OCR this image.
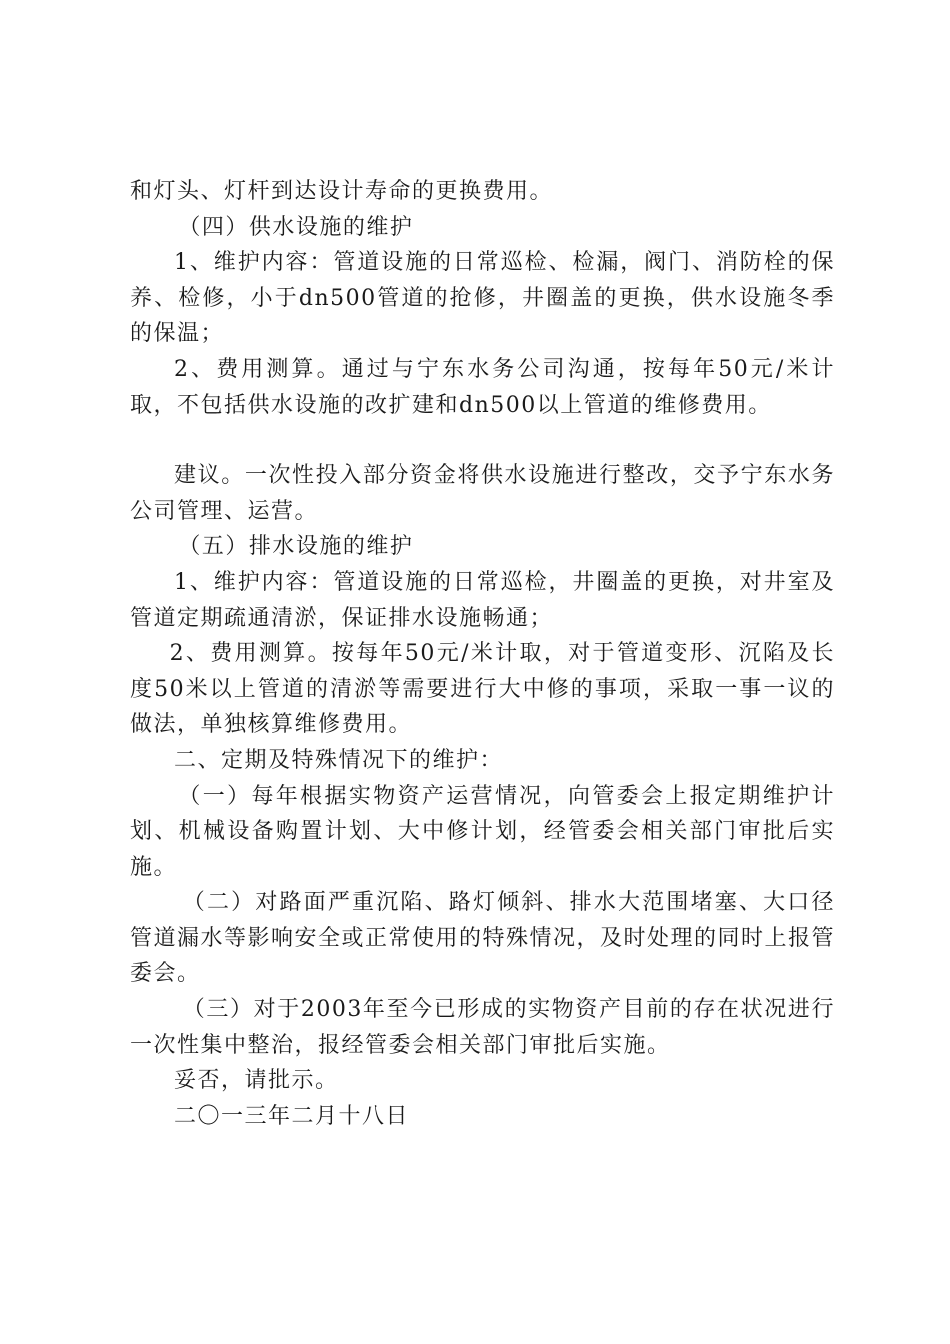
和灯头、灯杆到达设计寿命的更换费用。

（四）供水设施的维护

1、维护内容：管道设施的日常巡检、检漏，阀门、消防栓的保养、检修，小于dn500管道的抢修，井圈盖的更换，供水设施冬季的保温；

2、费用测算。通过与宁东水务公司沟通，按每年50元/米计取，不包括供水设施的改扩建和dn500以上管道的维修费用。

建议。一次性投入部分资金将供水设施进行整改，交予宁东水务公司管理、运营。

（五）排水设施的维护

1、维护内容：管道设施的日常巡检，井圈盖的更换，对井室及管道定期疏通清淤，保证排水设施畅通；

2、费用测算。按每年50元/米计取，对于管道变形、沉陷及长度50米以上管道的清淤等需要进行大中修的事项，采取一事一议的做法，单独核算维修费用。

二、定期及特殊情况下的维护：

（一）每年根据实物资产运营情况，向管委会上报定期维护计划、机械设备购置计划、大中修计划，经管委会相关部门审批后实施。

（二）对路面严重沉陷、路灯倾斜、排水大范围堵塞、大口径管道漏水等影响安全或正常使用的特殊情况，及时处理的同时上报管委会。

（三）对于2003年至今已形成的实物资产目前的存在状况进行一次性集中整治，报经管委会相关部门审批后实施。

妥否，请批示。

二〇一三年二月十八日
